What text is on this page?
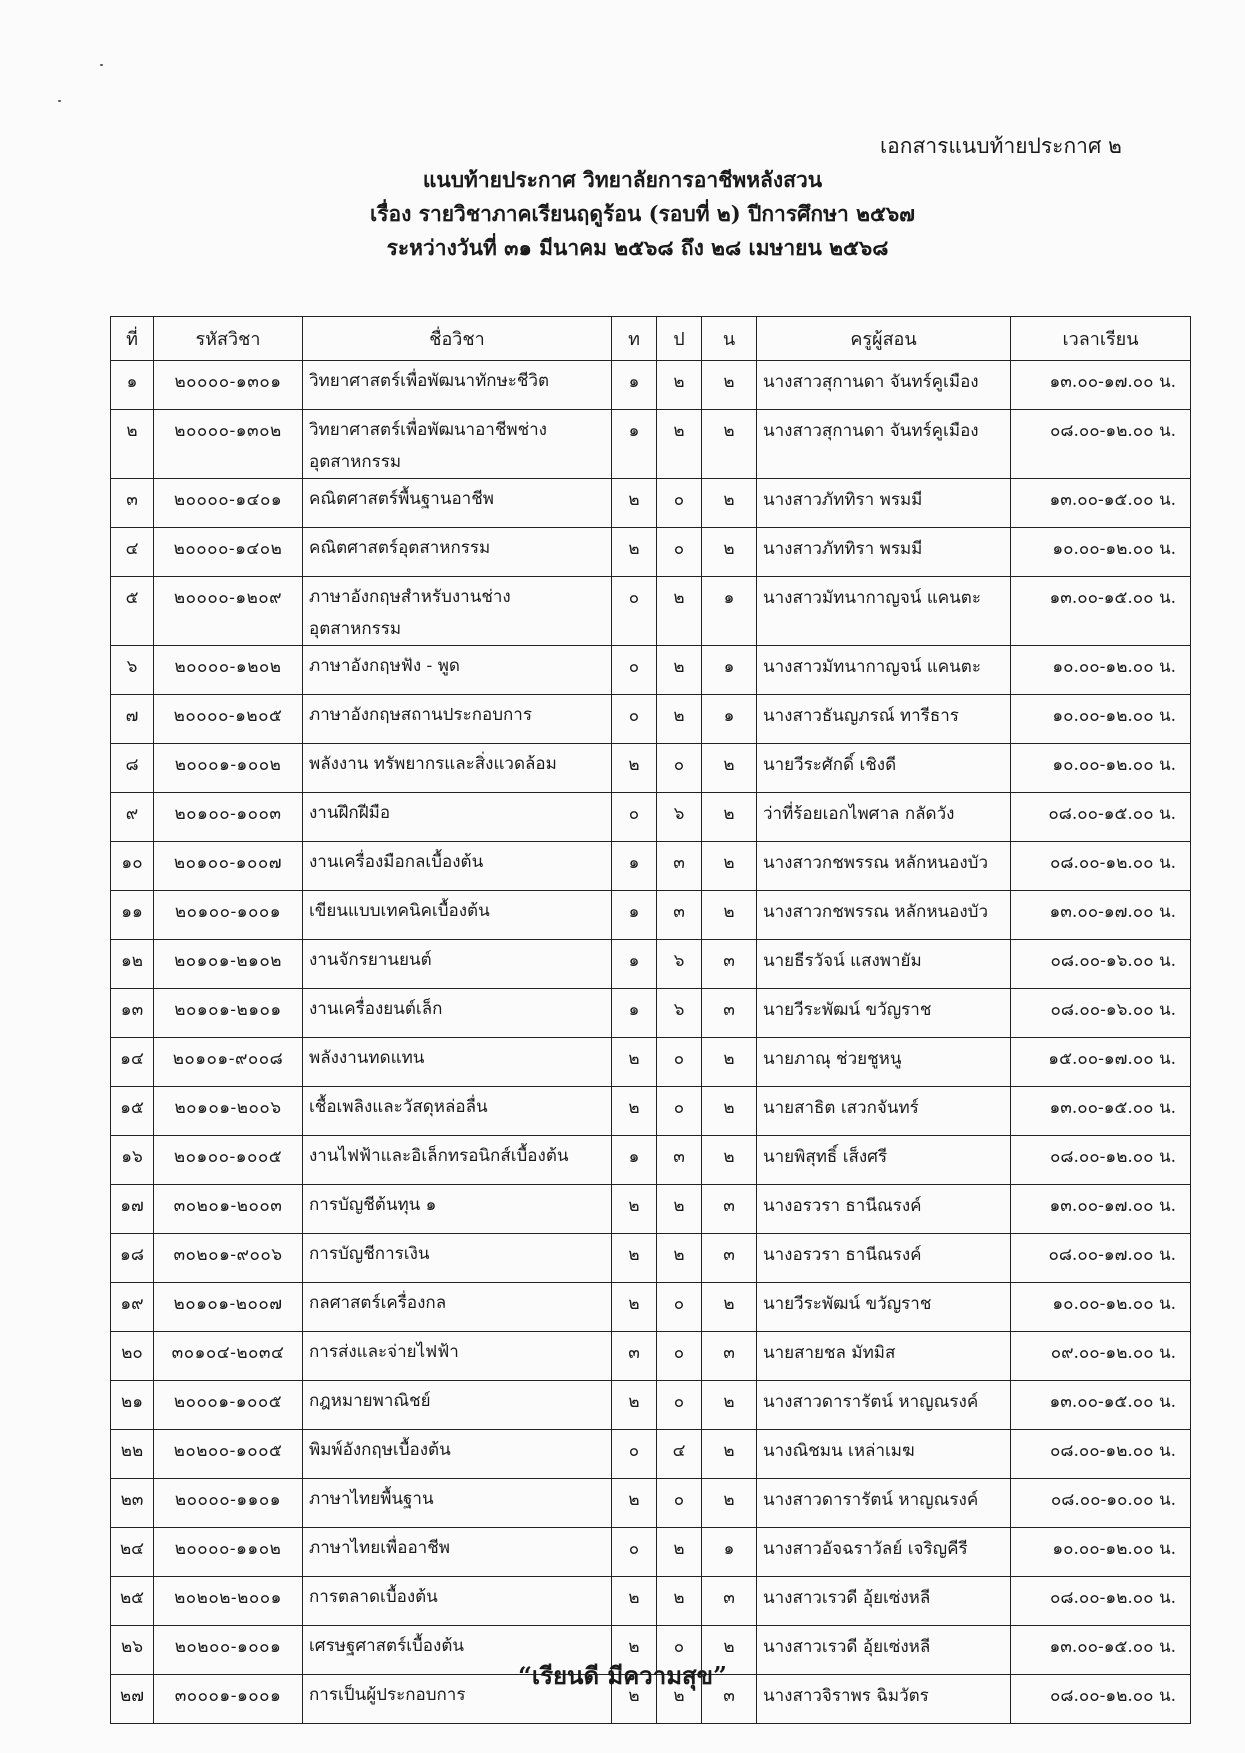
เอกสารแนบท้ายประกาศ ๒
แนบท้ายประกาศ วิทยาลัยการอาชีพหลังสวน
เรื่อง รายวิชาภาคเรียนฤดูร้อน (รอบที่ ๒) ปีการศึกษา ๒๕๖๗
ระหว่างวันที่ ๓๑ มีนาคม ๒๕๖๘ ถึง ๒๘ เมษายน ๒๕๖๘
ที่	รหัสวิชา	ชื่อวิชา	ท	ป	น	ครูผู้สอน	เวลาเรียน
๑	๒๐๐๐๐-๑๓๐๑	วิทยาศาสตร์เพื่อพัฒนาทักษะชีวิต	๑	๒	๒	นางสาวสุกานดา จันทร์คูเมือง	๑๓.๐๐-๑๗.๐๐ น.
๒	๒๐๐๐๐-๑๓๐๒	วิทยาศาสตร์เพื่อพัฒนาอาชีพช่าง อุตสาหกรรม	๑	๒	๒	นางสาวสุกานดา จันทร์คูเมือง	๐๘.๐๐-๑๒.๐๐ น.
๓	๒๐๐๐๐-๑๔๐๑	คณิตศาสตร์พื้นฐานอาชีพ	๒	๐	๒	นางสาวภัททิรา พรมมี	๑๓.๐๐-๑๕.๐๐ น.
๔	๒๐๐๐๐-๑๔๐๒	คณิตศาสตร์อุตสาหกรรม	๒	๐	๒	นางสาวภัททิรา พรมมี	๑๐.๐๐-๑๒.๐๐ น.
๕	๒๐๐๐๐-๑๒๐๙	ภาษาอังกฤษสำหรับงานช่าง อุตสาหกรรม	๐	๒	๑	นางสาวมัทนากาญจน์ แคนตะ	๑๓.๐๐-๑๕.๐๐ น.
๖	๒๐๐๐๐-๑๒๐๒	ภาษาอังกฤษฟัง - พูด	๐	๒	๑	นางสาวมัทนากาญจน์ แคนตะ	๑๐.๐๐-๑๒.๐๐ น.
๗	๒๐๐๐๐-๑๒๐๕	ภาษาอังกฤษสถานประกอบการ	๐	๒	๑	นางสาวธันญภรณ์ ทารีธาร	๑๐.๐๐-๑๒.๐๐ น.
๘	๒๐๐๐๑-๑๐๐๒	พลังงาน ทรัพยากรและสิ่งแวดล้อม	๒	๐	๒	นายวีระศักดิ์ เชิงดี	๑๐.๐๐-๑๒.๐๐ น.
๙	๒๐๑๐๐-๑๐๐๓	งานฝึกฝีมือ	๐	๖	๒	ว่าที่ร้อยเอกไพศาล กลัดวัง	๐๘.๐๐-๑๕.๐๐ น.
๑๐	๒๐๑๐๐-๑๐๐๗	งานเครื่องมือกลเบื้องต้น	๑	๓	๒	นางสาวกชพรรณ หลักหนองบัว	๐๘.๐๐-๑๒.๐๐ น.
๑๑	๒๐๑๐๐-๑๐๐๑	เขียนแบบเทคนิคเบื้องต้น	๑	๓	๒	นางสาวกชพรรณ หลักหนองบัว	๑๓.๐๐-๑๗.๐๐ น.
๑๒	๒๐๑๐๑-๒๑๐๒	งานจักรยานยนต์	๑	๖	๓	นายธีรวัจน์ แสงพายัม	๐๘.๐๐-๑๖.๐๐ น.
๑๓	๒๐๑๐๑-๒๑๐๑	งานเครื่องยนต์เล็ก	๑	๖	๓	นายวีระพัฒน์ ขวัญราช	๐๘.๐๐-๑๖.๐๐ น.
๑๔	๒๐๑๐๑-๙๐๐๘	พลังงานทดแทน	๒	๐	๒	นายภาณุ ช่วยชูหนู	๑๕.๐๐-๑๗.๐๐ น.
๑๕	๒๐๑๐๑-๒๐๐๖	เชื้อเพลิงและวัสดุหล่อลื่น	๒	๐	๒	นายสาธิต เสวกจันทร์	๑๓.๐๐-๑๕.๐๐ น.
๑๖	๒๐๑๐๐-๑๐๐๕	งานไฟฟ้าและอิเล็กทรอนิกส์เบื้องต้น	๑	๓	๒	นายพิสุทธิ์ เส็งศรี	๐๘.๐๐-๑๒.๐๐ น.
๑๗	๓๐๒๐๑-๒๐๐๓	การบัญชีต้นทุน ๑	๒	๒	๓	นางอรวรา ธานีณรงค์	๑๓.๐๐-๑๗.๐๐ น.
๑๘	๓๐๒๐๑-๙๐๐๖	การบัญชีการเงิน	๒	๒	๓	นางอรวรา ธานีณรงค์	๐๘.๐๐-๑๗.๐๐ น.
๑๙	๒๐๑๐๑-๒๐๐๗	กลศาสตร์เครื่องกล	๒	๐	๒	นายวีระพัฒน์ ขวัญราช	๑๐.๐๐-๑๒.๐๐ น.
๒๐	๓๐๑๐๔-๒๐๓๔	การส่งและจ่ายไฟฟ้า	๓	๐	๓	นายสายชล มัทมิส	๐๙.๐๐-๑๒.๐๐ น.
๒๑	๒๐๐๐๑-๑๐๐๕	กฎหมายพาณิชย์	๒	๐	๒	นางสาวดารารัตน์ หาญณรงค์	๑๓.๐๐-๑๕.๐๐ น.
๒๒	๒๐๒๐๐-๑๐๐๕	พิมพ์อังกฤษเบื้องต้น	๐	๔	๒	นางณิชมน เหล่าเมฆ	๐๘.๐๐-๑๒.๐๐ น.
๒๓	๒๐๐๐๐-๑๑๐๑	ภาษาไทยพื้นฐาน	๒	๐	๒	นางสาวดารารัตน์ หาญณรงค์	๐๘.๐๐-๑๐.๐๐ น.
๒๔	๒๐๐๐๐-๑๑๐๒	ภาษาไทยเพื่ออาชีพ	๐	๒	๑	นางสาวอัจฉราวัลย์ เจริญคีรี	๑๐.๐๐-๑๒.๐๐ น.
๒๕	๒๐๒๐๒-๒๐๐๑	การตลาดเบื้องต้น	๒	๒	๓	นางสาวเรวดี อุ้ยเซ่งหลี	๐๘.๐๐-๑๒.๐๐ น.
๒๖	๒๐๒๐๐-๑๐๐๑	เศรษฐศาสตร์เบื้องต้น	๒	๐	๒	นางสาวเรวดี อุ้ยเซ่งหลี	๑๓.๐๐-๑๕.๐๐ น.
๒๗	๓๐๐๐๑-๑๐๐๑	การเป็นผู้ประกอบการ	๒	๒	๓	นางสาวจิราพร ฉิมวัตร	๐๘.๐๐-๑๒.๐๐ น.
“เรียนดี มีความสุข”
